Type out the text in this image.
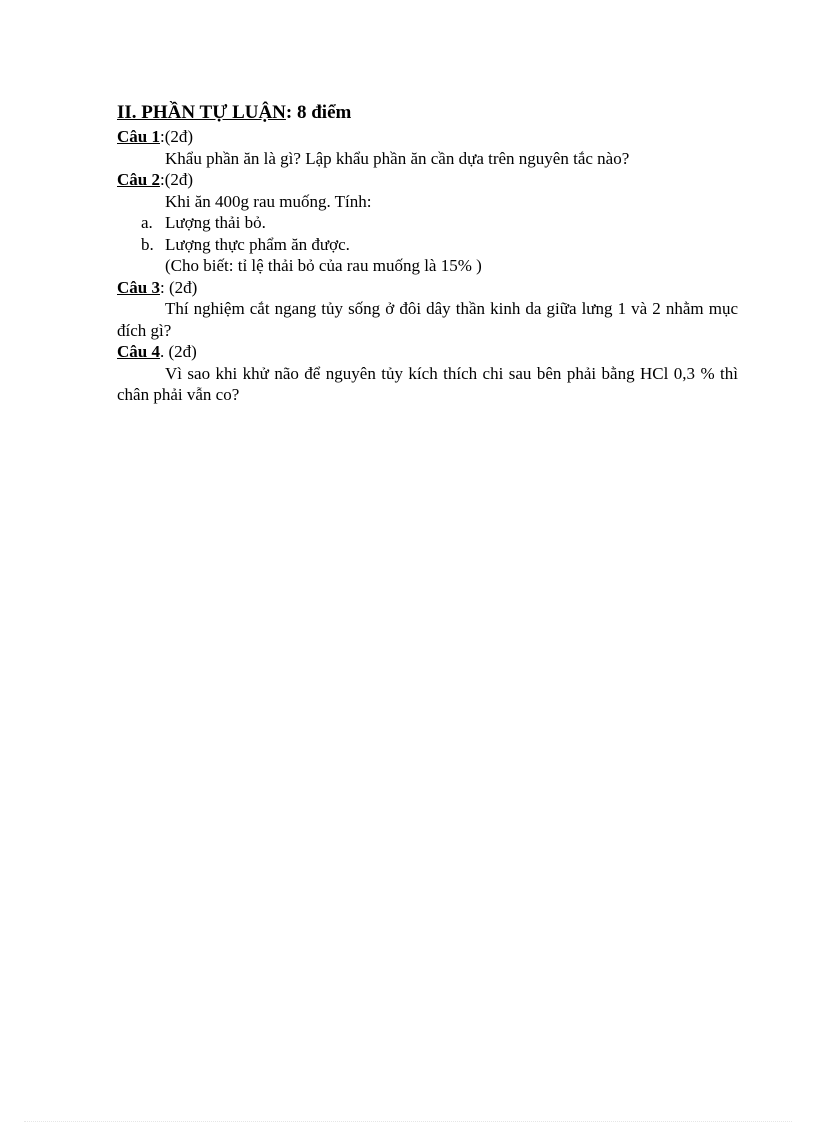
II. PHẦN TỰ LUẬN: 8 điểm

Câu 1:(2đ)

Khẩu phần ăn là gì? Lập khẩu phần ăn cần dựa trên nguyên tắc nào?

Câu 2:(2đ)

Khi ăn 400g rau muống. Tính:

a. Lượng thải bỏ.
b. Lượng thực phẩm ăn được.

(Cho biết: tỉ lệ thải bỏ của rau muống là 15% )

Câu 3: (2đ)

Thí nghiệm cắt ngang tủy sống ở đôi dây thần kinh da giữa lưng 1 và 2 nhằm mục đích gì?

Câu 4. (2đ)

Vì sao khi khử não để nguyên tủy kích thích chi sau bên phải bằng HCl 0,3 % thì chân phải vẫn co?
